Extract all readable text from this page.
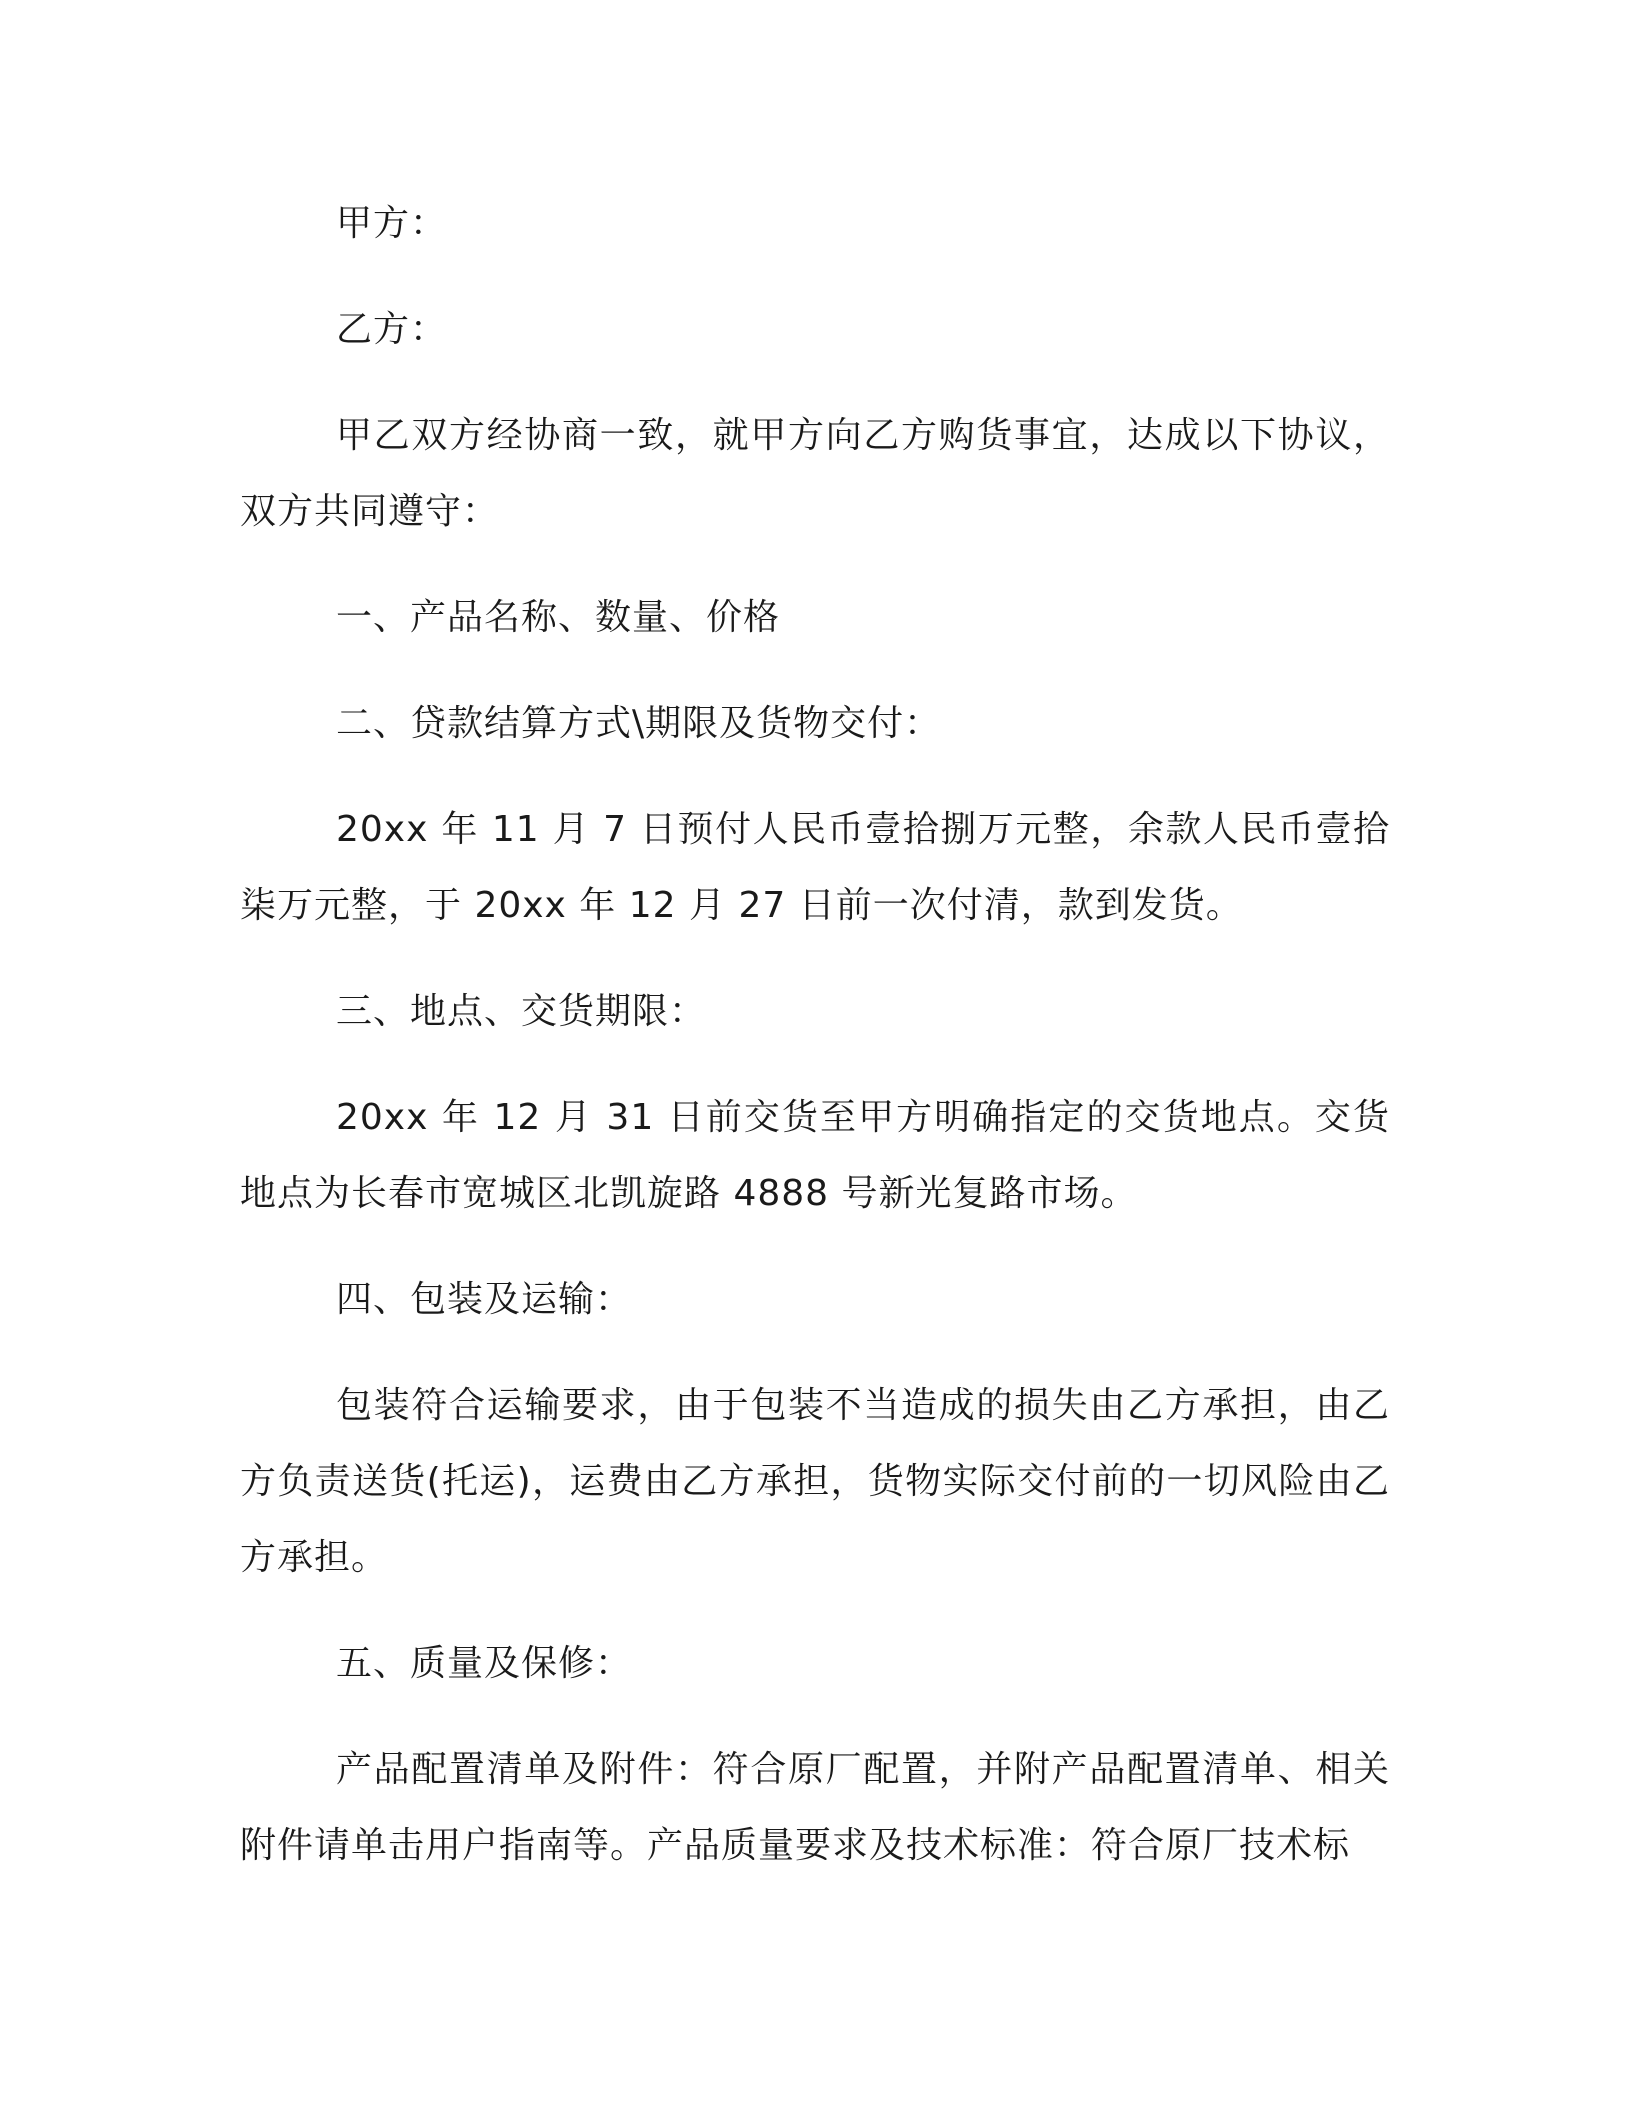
甲方：

乙方：

甲乙双方经协商一致，就甲方向乙方购货事宜，达成以下协议，双方共同遵守：

一、产品名称、数量、价格

二、贷款结算方式\期限及货物交付：

20xx 年 11 月 7 日预付人民币壹拾捌万元整，余款人民币壹拾柒万元整，于 20xx 年 12 月 27 日前一次付清，款到发货。

三、地点、交货期限：

20xx 年 12 月 31 日前交货至甲方明确指定的交货地点。交货地点为长春市宽城区北凯旋路 4888 号新光复路市场。

四、包装及运输：

包装符合运输要求，由于包装不当造成的损失由乙方承担，由乙方负责送货(托运)，运费由乙方承担，货物实际交付前的一切风险由乙方承担。

五、质量及保修：

产品配置清单及附件：符合原厂配置，并附产品配置清单、相关附件请单击用户指南等。产品质量要求及技术标准：符合原厂技术标
